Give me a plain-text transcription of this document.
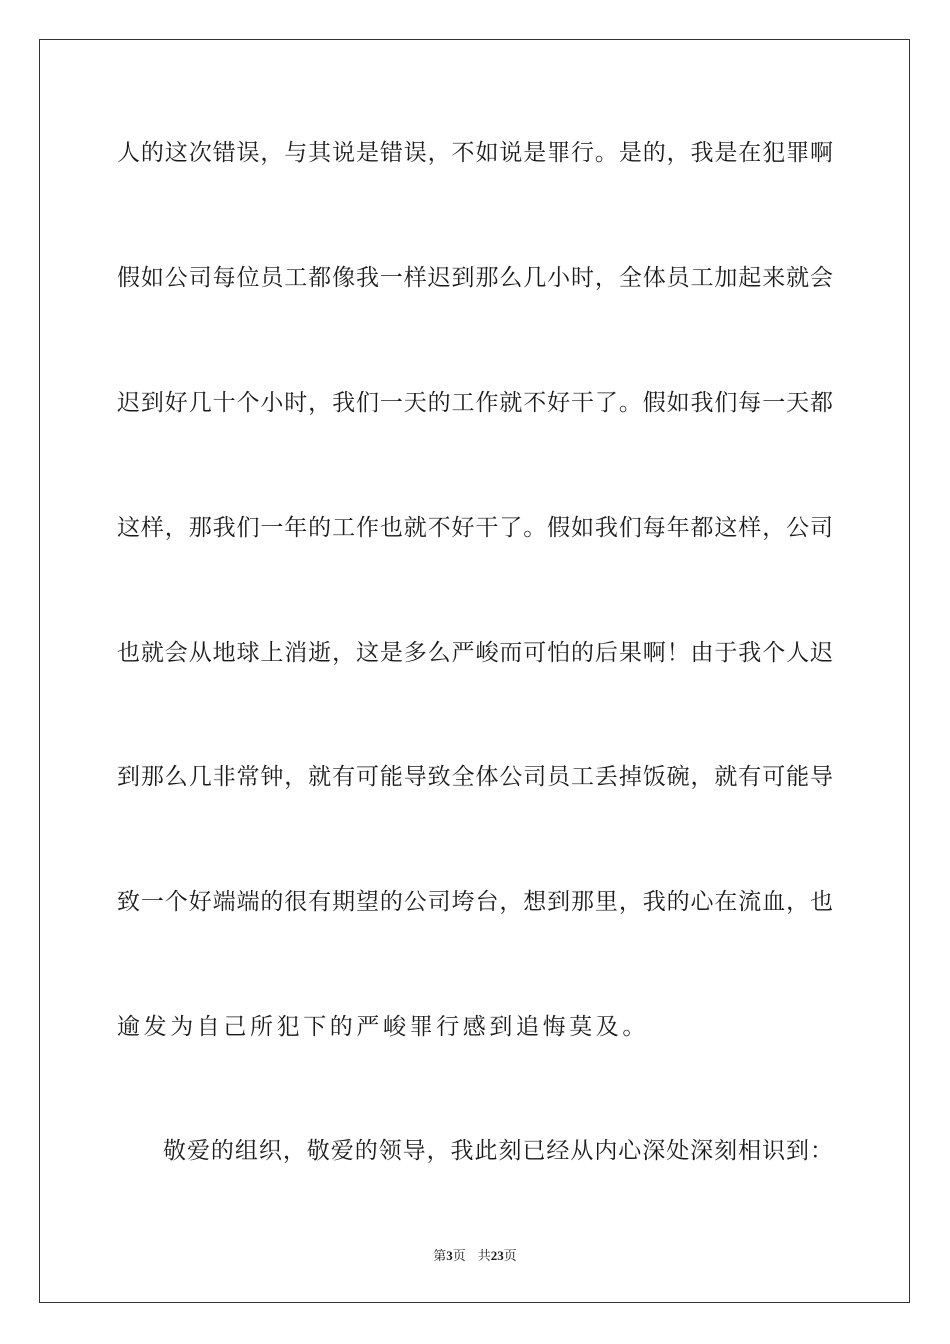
人的这次错误，与其说是错误，不如说是罪行。是的，我是在犯罪啊
假如公司每位员工都像我一样迟到那么几小时，全体员工加起来就会
迟到好几十个小时，我们一天的工作就不好干了。假如我们每一天都
这样，那我们一年的工作也就不好干了。假如我们每年都这样，公司
也就会从地球上消逝，这是多么严峻而可怕的后果啊！由于我个人迟
到那么几非常钟，就有可能导致全体公司员工丢掉饭碗，就有可能导
致一个好端端的很有期望的公司垮台，想到那里，我的心在流血，也
逾发为自己所犯下的严峻罪行感到追悔莫及。
敬爱的组织，敬爱的领导，我此刻已经从内心深处深刻相识到：
第3页 共23页
